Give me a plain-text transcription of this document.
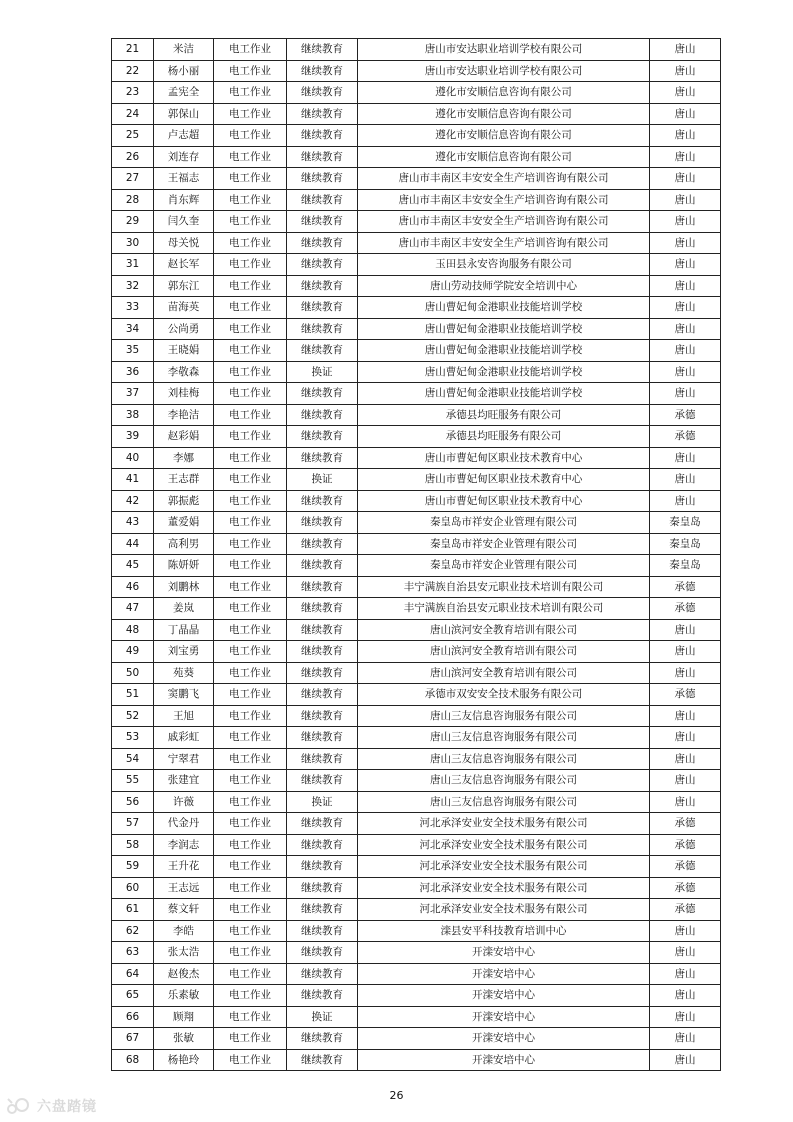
21	米洁	电工作业	继续教育	唐山市安达职业培训学校有限公司	唐山
22	杨小丽	电工作业	继续教育	唐山市安达职业培训学校有限公司	唐山
23	孟宪全	电工作业	继续教育	遵化市安顺信息咨询有限公司	唐山
24	郭保山	电工作业	继续教育	遵化市安顺信息咨询有限公司	唐山
25	卢志超	电工作业	继续教育	遵化市安顺信息咨询有限公司	唐山
26	刘连存	电工作业	继续教育	遵化市安顺信息咨询有限公司	唐山
27	王福志	电工作业	继续教育	唐山市丰南区丰安安全生产培训咨询有限公司	唐山
28	肖东辉	电工作业	继续教育	唐山市丰南区丰安安全生产培训咨询有限公司	唐山
29	闫久奎	电工作业	继续教育	唐山市丰南区丰安安全生产培训咨询有限公司	唐山
30	母关悦	电工作业	继续教育	唐山市丰南区丰安安全生产培训咨询有限公司	唐山
31	赵长军	电工作业	继续教育	玉田县永安咨询服务有限公司	唐山
32	郭东江	电工作业	继续教育	唐山劳动技师学院安全培训中心	唐山
33	苗海英	电工作业	继续教育	唐山曹妃甸金港职业技能培训学校	唐山
34	公尚勇	电工作业	继续教育	唐山曹妃甸金港职业技能培训学校	唐山
35	王晓娟	电工作业	继续教育	唐山曹妃甸金港职业技能培训学校	唐山
36	李敬森	电工作业	换证	唐山曹妃甸金港职业技能培训学校	唐山
37	刘桂梅	电工作业	继续教育	唐山曹妃甸金港职业技能培训学校	唐山
38	李艳洁	电工作业	继续教育	承德县均旺服务有限公司	承德
39	赵彩娟	电工作业	继续教育	承德县均旺服务有限公司	承德
40	李娜	电工作业	继续教育	唐山市曹妃甸区职业技术教育中心	唐山
41	王志群	电工作业	换证	唐山市曹妃甸区职业技术教育中心	唐山
42	郭振彪	电工作业	继续教育	唐山市曹妃甸区职业技术教育中心	唐山
43	董爱娟	电工作业	继续教育	秦皇岛市祥安企业管理有限公司	秦皇岛
44	高利男	电工作业	继续教育	秦皇岛市祥安企业管理有限公司	秦皇岛
45	陈妍妍	电工作业	继续教育	秦皇岛市祥安企业管理有限公司	秦皇岛
46	刘鹏林	电工作业	继续教育	丰宁满族自治县安元职业技术培训有限公司	承德
47	姜岚	电工作业	继续教育	丰宁满族自治县安元职业技术培训有限公司	承德
48	丁晶晶	电工作业	继续教育	唐山滨河安全教育培训有限公司	唐山
49	刘宝勇	电工作业	继续教育	唐山滨河安全教育培训有限公司	唐山
50	苑葵	电工作业	继续教育	唐山滨河安全教育培训有限公司	唐山
51	窦鹏飞	电工作业	继续教育	承德市双安安全技术服务有限公司	承德
52	王旭	电工作业	继续教育	唐山三友信息咨询服务有限公司	唐山
53	戚彩虹	电工作业	继续教育	唐山三友信息咨询服务有限公司	唐山
54	宁翠君	电工作业	继续教育	唐山三友信息咨询服务有限公司	唐山
55	张建宜	电工作业	继续教育	唐山三友信息咨询服务有限公司	唐山
56	许薇	电工作业	换证	唐山三友信息咨询服务有限公司	唐山
57	代金丹	电工作业	继续教育	河北承泽安业安全技术服务有限公司	承德
58	李润志	电工作业	继续教育	河北承泽安业安全技术服务有限公司	承德
59	王升花	电工作业	继续教育	河北承泽安业安全技术服务有限公司	承德
60	王志远	电工作业	继续教育	河北承泽安业安全技术服务有限公司	承德
61	蔡文轩	电工作业	继续教育	河北承泽安业安全技术服务有限公司	承德
62	李皓	电工作业	继续教育	滦县安平科技教育培训中心	唐山
63	张太浩	电工作业	继续教育	开滦安培中心	唐山
64	赵俊杰	电工作业	继续教育	开滦安培中心	唐山
65	乐素敏	电工作业	继续教育	开滦安培中心	唐山
66	顾翔	电工作业	换证	开滦安培中心	唐山
67	张敏	电工作业	继续教育	开滦安培中心	唐山
68	杨艳玲	电工作业	继续教育	开滦安培中心	唐山
26
六盘踏镜
